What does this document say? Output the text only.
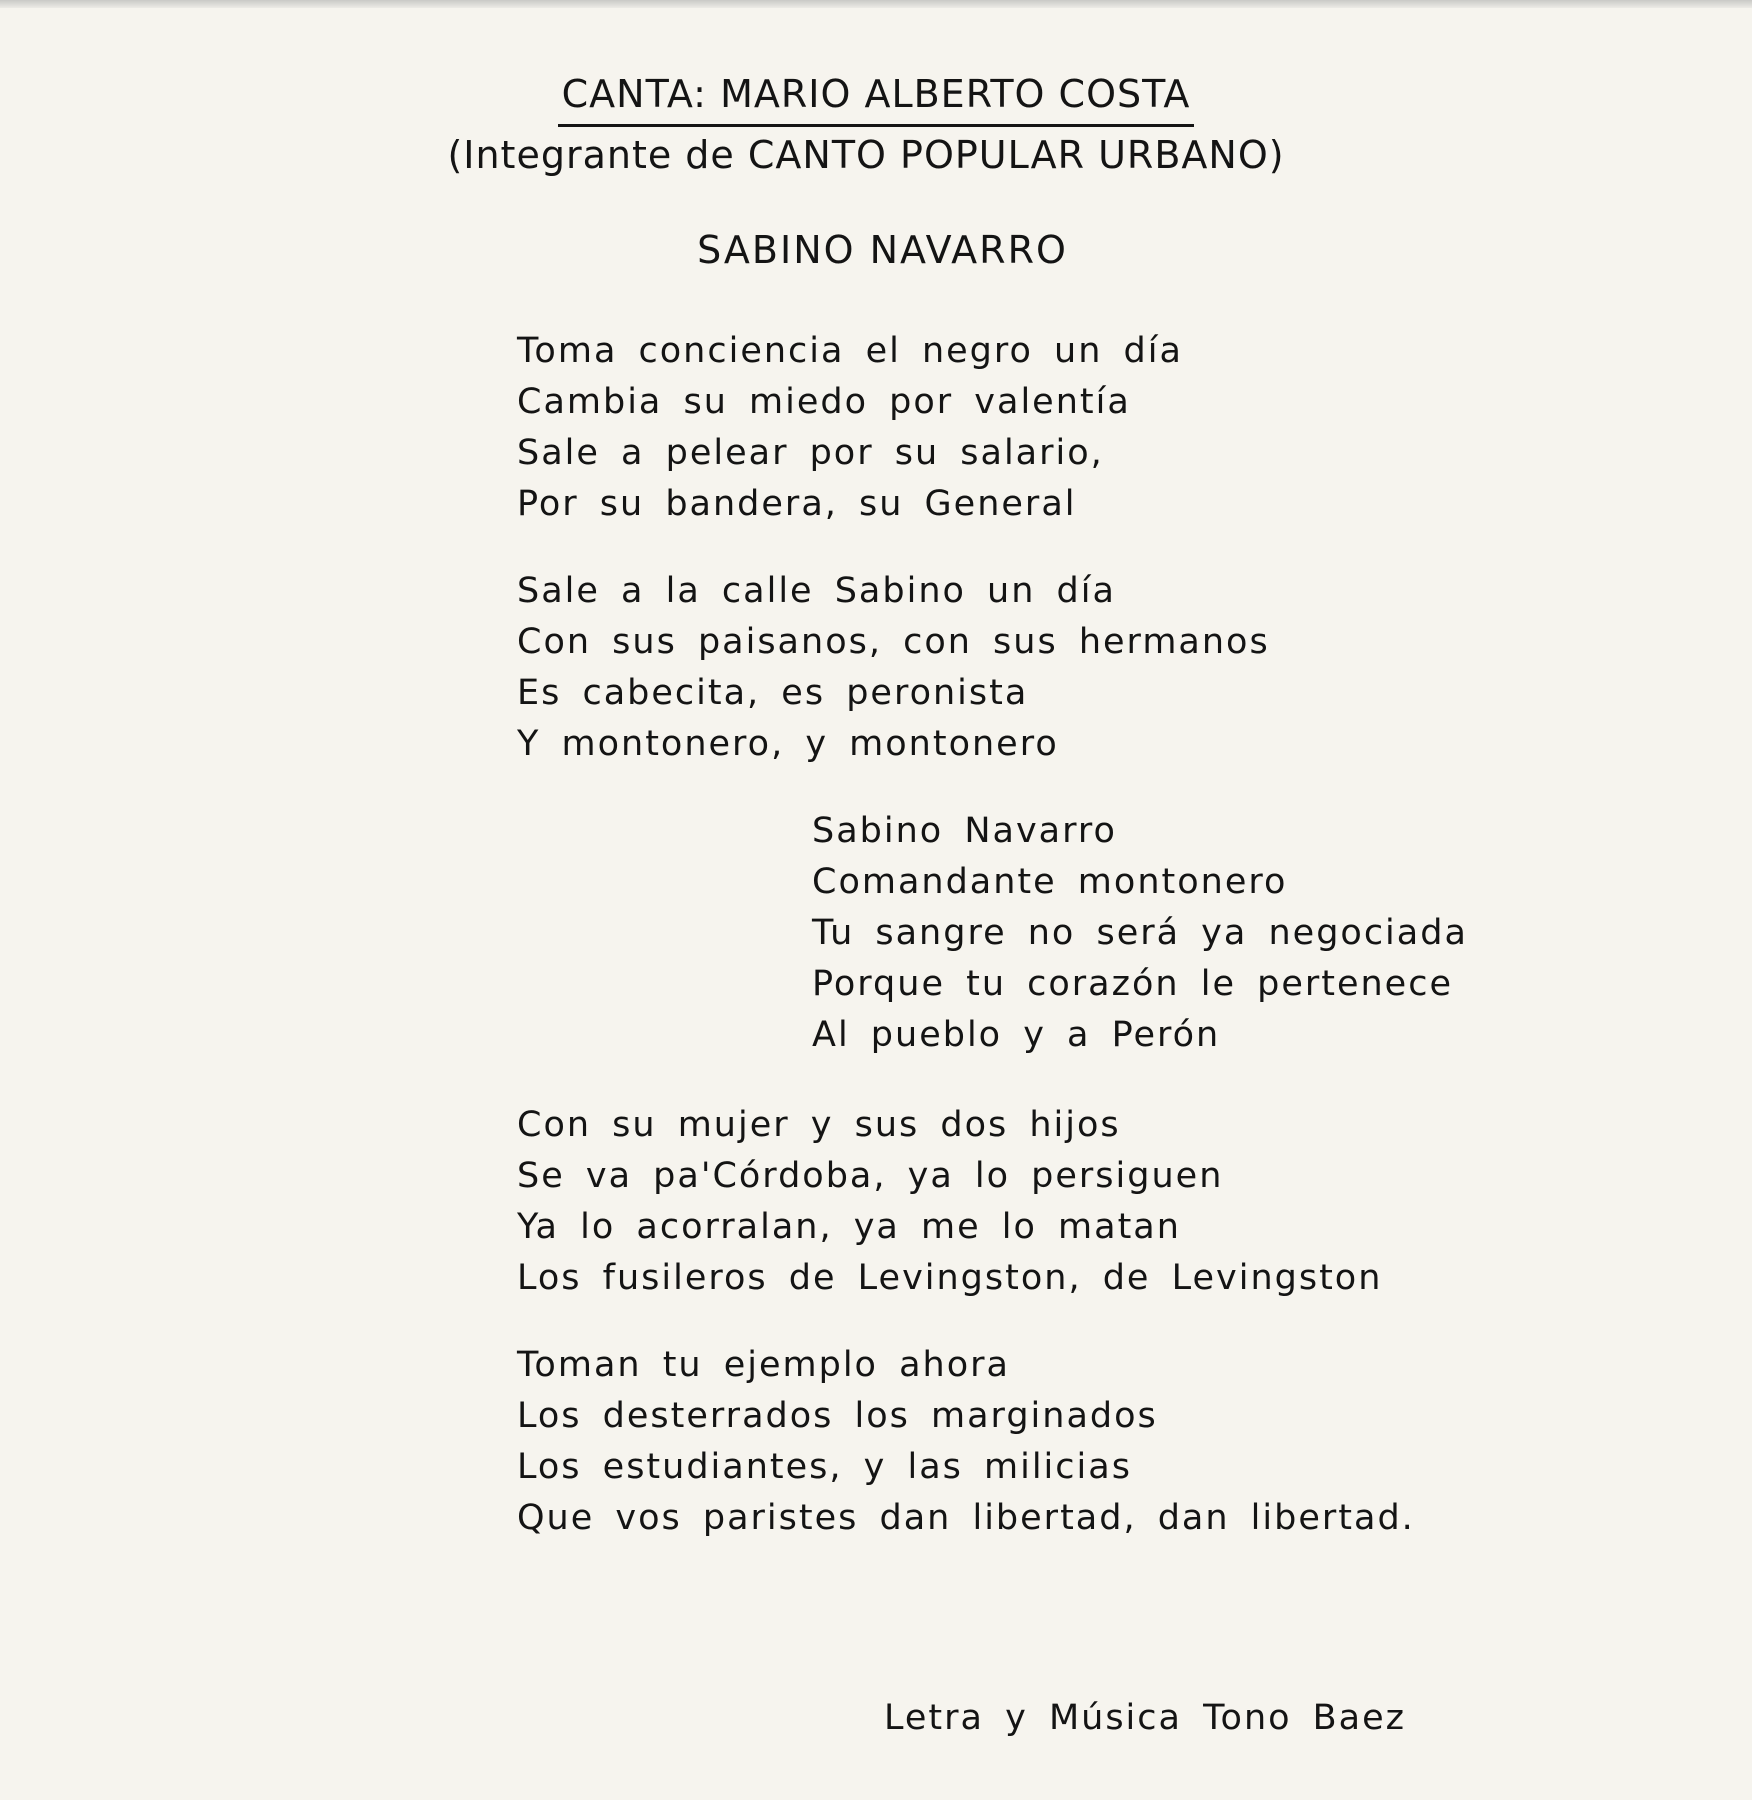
CANTA: MARIO ALBERTO COSTA
(Integrante de CANTO POPULAR URBANO)
SABINO NAVARRO
Toma conciencia el negro un día
Cambia su miedo por valentía
Sale a pelear por su salario,
Por su bandera, su General
Sale a la calle Sabino un día
Con sus paisanos, con sus hermanos
Es cabecita, es peronista
Y montonero, y montonero
Sabino Navarro
Comandante montonero
Tu sangre no será ya negociada
Porque tu corazón le pertenece
Al pueblo y a Perón
Con su mujer y sus dos hijos
Se va pa'Córdoba, ya lo persiguen
Ya lo acorralan, ya me lo matan
Los fusileros de Levingston, de Levingston
Toman tu ejemplo ahora
Los desterrados los marginados
Los estudiantes, y las milicias
Que vos paristes dan libertad, dan libertad.
Letra y Música Tono Baez
